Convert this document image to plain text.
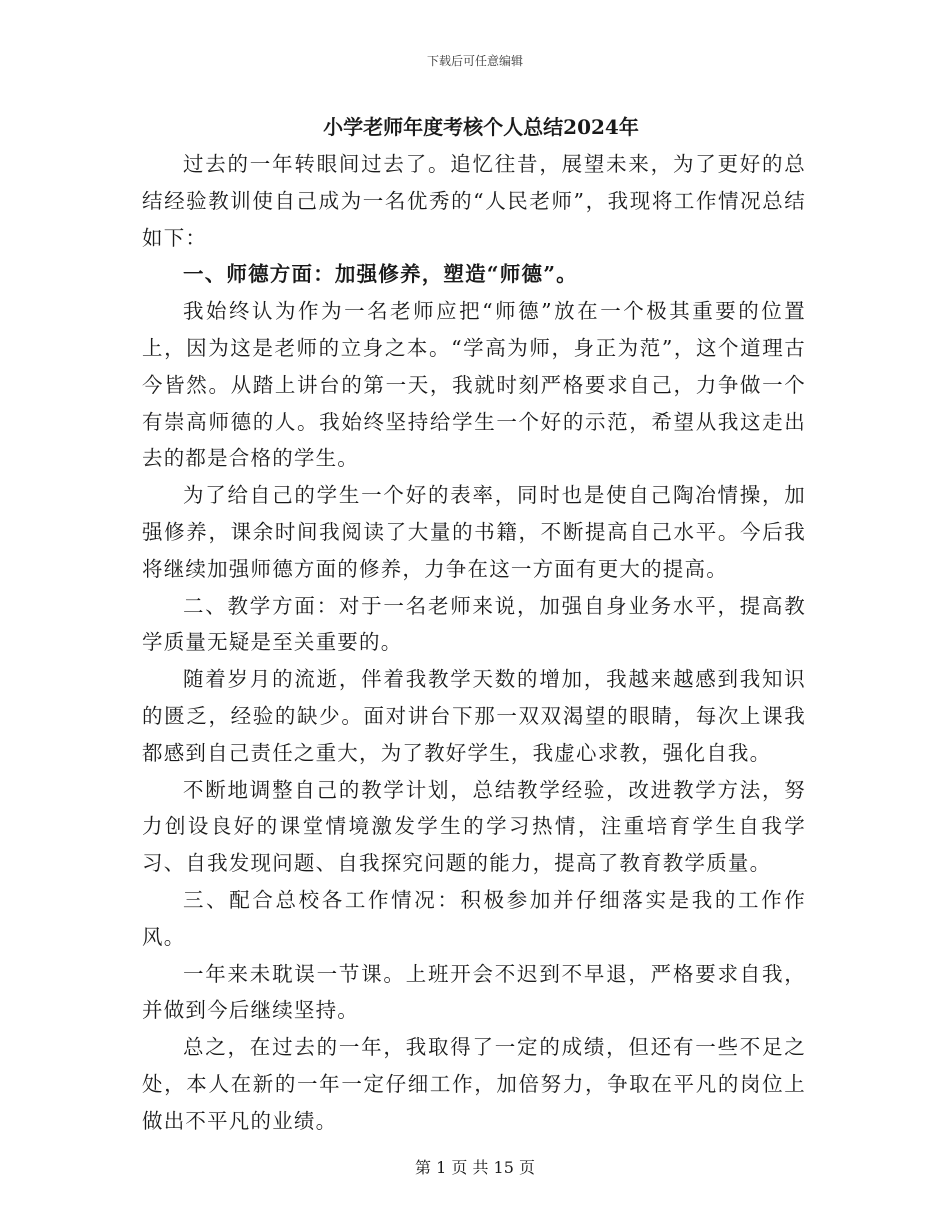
下载后可任意编辑
小学老师年度考核个人总结2024年

过去的一年转眼间过去了。追忆往昔，展望未来，为了更好的总结经验教训使自己成为一名优秀的“人民老师”，我现将工作情况总结如下：

一、师德方面：加强修养，塑造“师德”。

我始终认为作为一名老师应把“师德”放在一个极其重要的位置上，因为这是老师的立身之本。“学高为师，身正为范”，这个道理古今皆然。从踏上讲台的第一天，我就时刻严格要求自己，力争做一个有崇高师德的人。我始终坚持给学生一个好的示范，希望从我这走出去的都是合格的学生。

为了给自己的学生一个好的表率，同时也是使自己陶冶情操，加强修养，课余时间我阅读了大量的书籍，不断提高自己水平。今后我将继续加强师德方面的修养，力争在这一方面有更大的提高。

二、教学方面：对于一名老师来说，加强自身业务水平，提高教学质量无疑是至关重要的。

随着岁月的流逝，伴着我教学天数的增加，我越来越感到我知识的匮乏，经验的缺少。面对讲台下那一双双渴望的眼睛，每次上课我都感到自己责任之重大，为了教好学生，我虚心求教，强化自我。

不断地调整自己的教学计划，总结教学经验，改进教学方法，努力创设良好的课堂情境激发学生的学习热情，注重培育学生自我学习、自我发现问题、自我探究问题的能力，提高了教育教学质量。

三、配合总校各工作情况：积极参加并仔细落实是我的工作作风。

一年来未耽误一节课。上班开会不迟到不早退，严格要求自我，并做到今后继续坚持。

总之，在过去的一年，我取得了一定的成绩，但还有一些不足之处，本人在新的一年一定仔细工作，加倍努力，争取在平凡的岗位上做出不平凡的业绩。

第 1 页 共 15 页
